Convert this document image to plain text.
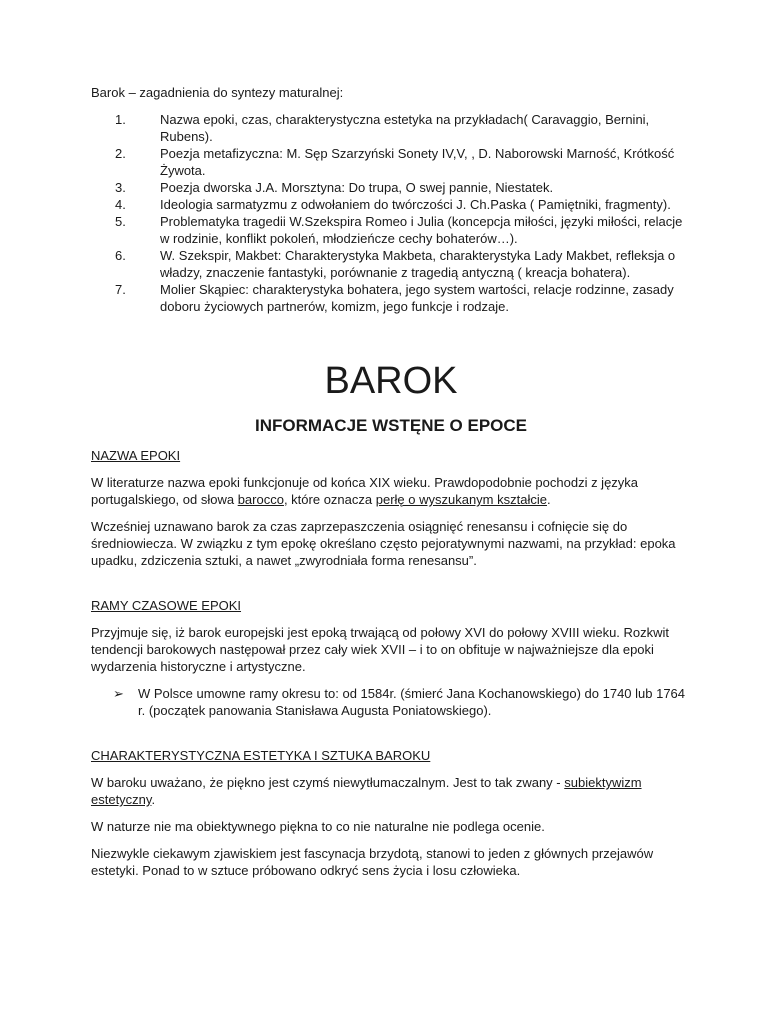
Barok – zagadnienia do syntezy maturalnej:

1.	Nazwa epoki, czas, charakterystyczna estetyka na przykładach( Caravaggio, Bernini, Rubens).
2.	Poezja metafizyczna: M. Sęp Szarzyński Sonety IV,V, , D. Naborowski Marność, Krótkość Żywota.
3.	Poezja dworska J.A. Morsztyna: Do trupa, O swej pannie, Niestatek.
4.	Ideologia sarmatyzmu z odwołaniem do twórczości J. Ch.Paska ( Pamiętniki, fragmenty).
5.	Problematyka tragedii W.Szekspira Romeo i Julia (koncepcja miłości, języki miłości, relacje w rodzinie, konflikt pokoleń, młodzieńcze cechy bohaterów…).
6.	W. Szekspir, Makbet: Charakterystyka Makbeta, charakterystyka Lady Makbet, refleksja o władzy, znaczenie fantastyki, porównanie z tragedią antyczną ( kreacja bohatera).
7.	Molier Skąpiec: charakterystyka bohatera, jego system wartości, relacje rodzinne, zasady doboru życiowych partnerów, komizm, jego funkcje i rodzaje.
BAROK
INFORMACJE WSTĘNE O EPOCE

NAZWA EPOKI

W literaturze nazwa epoki funkcjonuje od końca XIX wieku. Prawdopodobnie pochodzi z języka portugalskiego, od słowa barocco, które oznacza perłę o wyszukanym kształcie.

Wcześniej uznawano barok za czas zaprzepaszczenia osiągnięć renesansu i cofnięcie się do średniowiecza. W związku z tym epokę określano często pejoratywnymi nazwami, na przykład: epoka upadku, zdziczenia sztuki, a nawet „zwyrodniała forma renesansu”.

RAMY CZASOWE EPOKI

Przyjmuje się, iż barok europejski jest epoką trwającą od połowy XVI do połowy XVIII wieku. Rozkwit tendencji barokowych następował przez cały wiek XVII – i to on obfituje w najważniejsze dla epoki wydarzenia historyczne i artystyczne.

➢ W Polsce umowne ramy okresu to: od 1584r. (śmierć Jana Kochanowskiego) do 1740 lub 1764 r. (początek panowania Stanisława Augusta Poniatowskiego).

CHARAKTERYSTYCZNA ESTETYKA I SZTUKA BAROKU

W baroku uważano, że piękno jest czymś niewytłumaczalnym. Jest to tak zwany - subiektywizm estetyczny.

W naturze nie ma obiektywnego piękna to co nie naturalne nie podlega ocenie.

Niezwykle ciekawym zjawiskiem jest fascynacja brzydotą, stanowi to jeden z głównych przejawów estetyki. Ponad to w sztuce próbowano odkryć sens życia i losu człowieka.
